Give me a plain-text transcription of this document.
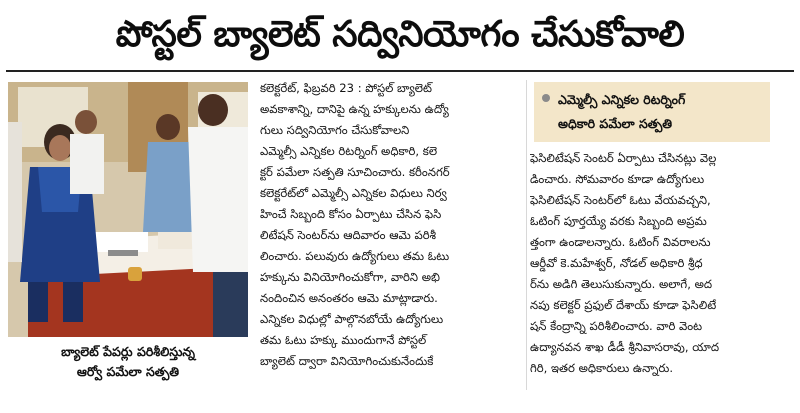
పోస్టల్ బ్యాలెట్ సద్వినియోగం చేసుకోవాలి
బ్యాలెట్ పేపర్లు పరిశీలిస్తున్న
ఆర్వో పమేలా సత్పతి
కలెక్టరేట్, ఫిబ్రవరి 23 : పోస్టల్ బ్యాలెట్
అవకాశాన్ని, దానిపై ఉన్న హక్కులను ఉద్యో
గులు సద్వినియోగం చేసుకోవాలని
ఎమ్మెల్సీ ఎన్నికల రిటర్నింగ్ అధికారి, కలె
క్టర్ పమేలా సత్పతి సూచించారు. కరీంనగర్
కలెక్టరేట్‌లో ఎమ్మెల్సీ ఎన్నికల విధులు నిర్వ
హించే సిబ్బంది కోసం ఏర్పాటు చేసిన ఫెసి
లిటేషన్ సెంటర్‌ను ఆదివారం ఆమె పరిశీ
లించారు. పలువురు ఉద్యోగులు తమ ఓటు
హక్కును వినియోగించుకోగా, వారిని అభి
నందించిన అనంతరం ఆమె మాట్లాడారు.
ఎన్నికల విధుల్లో పాల్గొనబోయే ఉద్యోగులు
తమ ఓటు హక్కు ముందుగానే పోస్టల్
బ్యాలెట్ ద్వారా వినియోగించుకునేందుకే
ఎమ్మెల్సీ ఎన్నికల రిటర్నింగ్
అధికారి పమేలా సత్పతి
ఫెసిలిటేషన్ సెంటర్ ఏర్పాటు చేసినట్లు వెల్ల
డించారు. సోమవారం కూడా ఉద్యోగులు
ఫెసిలిటేషన్ సెంటర్‌లో ఓటు వేయవచ్చని,
ఓటింగ్ పూర్తయ్యే వరకు సిబ్బంది అప్రమ
త్తంగా ఉండాలన్నారు. ఓటింగ్ వివరాలను
ఆర్డీవో కె.మహేశ్వర్, నోడల్ అధికారి శ్రీధ
ర్‌ను అడిగి తెలుసుకున్నారు. అలాగే, అద
నపు కలెక్టర్ ప్రఫుల్ దేశాయ్ కూడా ఫెసిలిటే
షన్ కేంద్రాన్ని పరిశీలించారు. వారి వెంట
ఉద్యానవన శాఖ డీడీ శ్రీనివాసరావు, యాద
గిరి, ఇతర అధికారులు ఉన్నారు.
